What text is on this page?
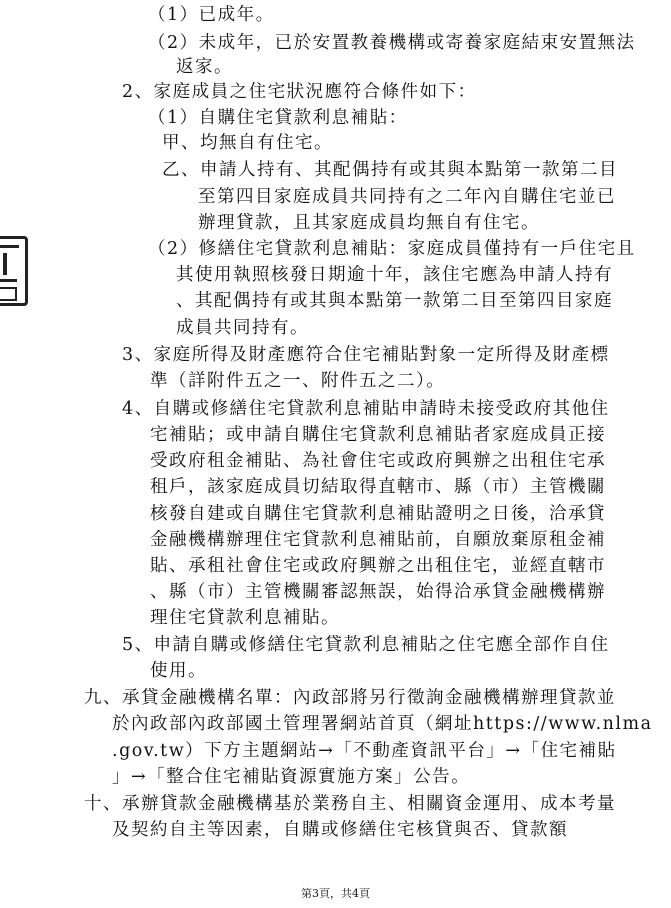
（1）已成年。
（2）未成年，已於安置教養機構或寄養家庭結束安置無法
返家。
2、家庭成員之住宅狀況應符合條件如下：
（1）自購住宅貸款利息補貼：
甲、均無自有住宅。
乙、申請人持有、其配偶持有或其與本點第一款第二目
至第四目家庭成員共同持有之二年內自購住宅並已
辦理貸款，且其家庭成員均無自有住宅。
（2）修繕住宅貸款利息補貼：家庭成員僅持有一戶住宅且
其使用執照核發日期逾十年，該住宅應為申請人持有
、其配偶持有或其與本點第一款第二目至第四目家庭
成員共同持有。
3、家庭所得及財產應符合住宅補貼對象一定所得及財產標
準（詳附件五之一、附件五之二）。
4、自購或修繕住宅貸款利息補貼申請時未接受政府其他住
宅補貼；或申請自購住宅貸款利息補貼者家庭成員正接
受政府租金補貼、為社會住宅或政府興辦之出租住宅承
租戶，該家庭成員切結取得直轄市、縣（市）主管機關
核發自建或自購住宅貸款利息補貼證明之日後，洽承貸
金融機構辦理住宅貸款利息補貼前，自願放棄原租金補
貼、承租社會住宅或政府興辦之出租住宅，並經直轄市
、縣（市）主管機關審認無誤，始得洽承貸金融機構辦
理住宅貸款利息補貼。
5、申請自購或修繕住宅貸款利息補貼之住宅應全部作自住
使用。
九、承貸金融機構名單：內政部將另行徵詢金融機構辦理貸款並
於內政部內政部國土管理署網站首頁（網址https://www.nlma
.gov.tw）下方主題網站→「不動產資訊平台」→「住宅補貼
」→「整合住宅補貼資源實施方案」公告。
十、承辦貸款金融機構基於業務自主、相關資金運用、成本考量
及契約自主等因素，自購或修繕住宅核貸與否、貸款額
第3頁，共4頁
